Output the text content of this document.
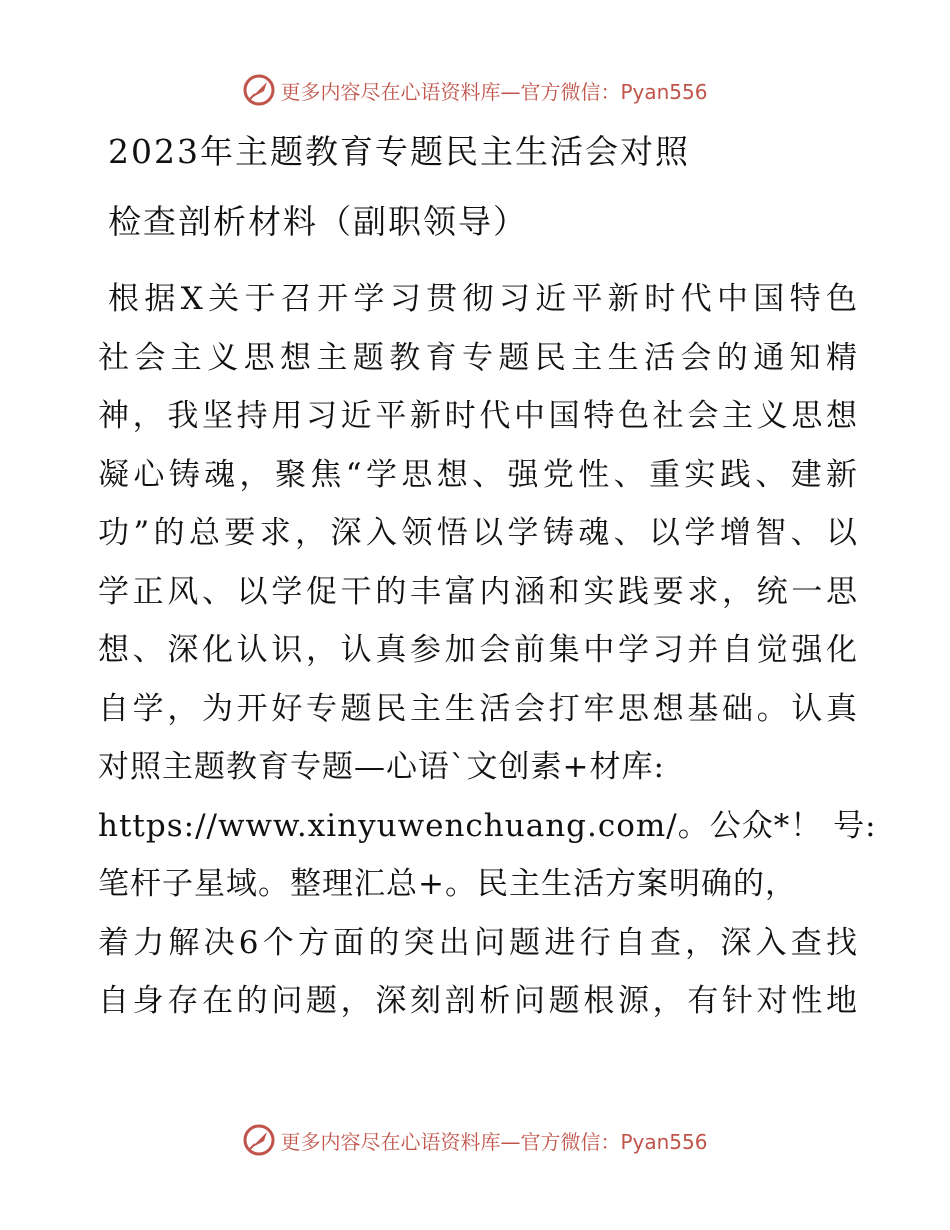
更多内容尽在心语资料库 —官方微信：Pyan556
2023年主题教育专题民主生活会对照
检查剖析材料（副职领导）
根据X关于召开学习贯彻习近平新时代中国特色
社会主义思想主题教育专题民主生活会的通知精
神，我坚持用习近平新时代中国特色社会主义思想
凝心铸魂，聚焦“学思想、强党性、重实践、建新
功”的总要求，深入领悟以学铸魂、以学增智、以
学正风、以学促干的丰富内涵和实践要求，统一思
想、深化认识，认真参加会前集中学习并自觉强化
自学，为开好专题民主生活会打牢思想基础。认真
对照主题教育专题—心语`文创素+材库:
https://www.xinyuwenchuang.com/。公众*！ 号:
笔杆子星域。整理汇总+。民主生活方案明确的，
着力解决6个方面的突出问题进行自查，深入查找
自身存在的问题，深刻剖析问题根源，有针对性地
更多内容尽在心语资料库 —官方微信：Pyan556
